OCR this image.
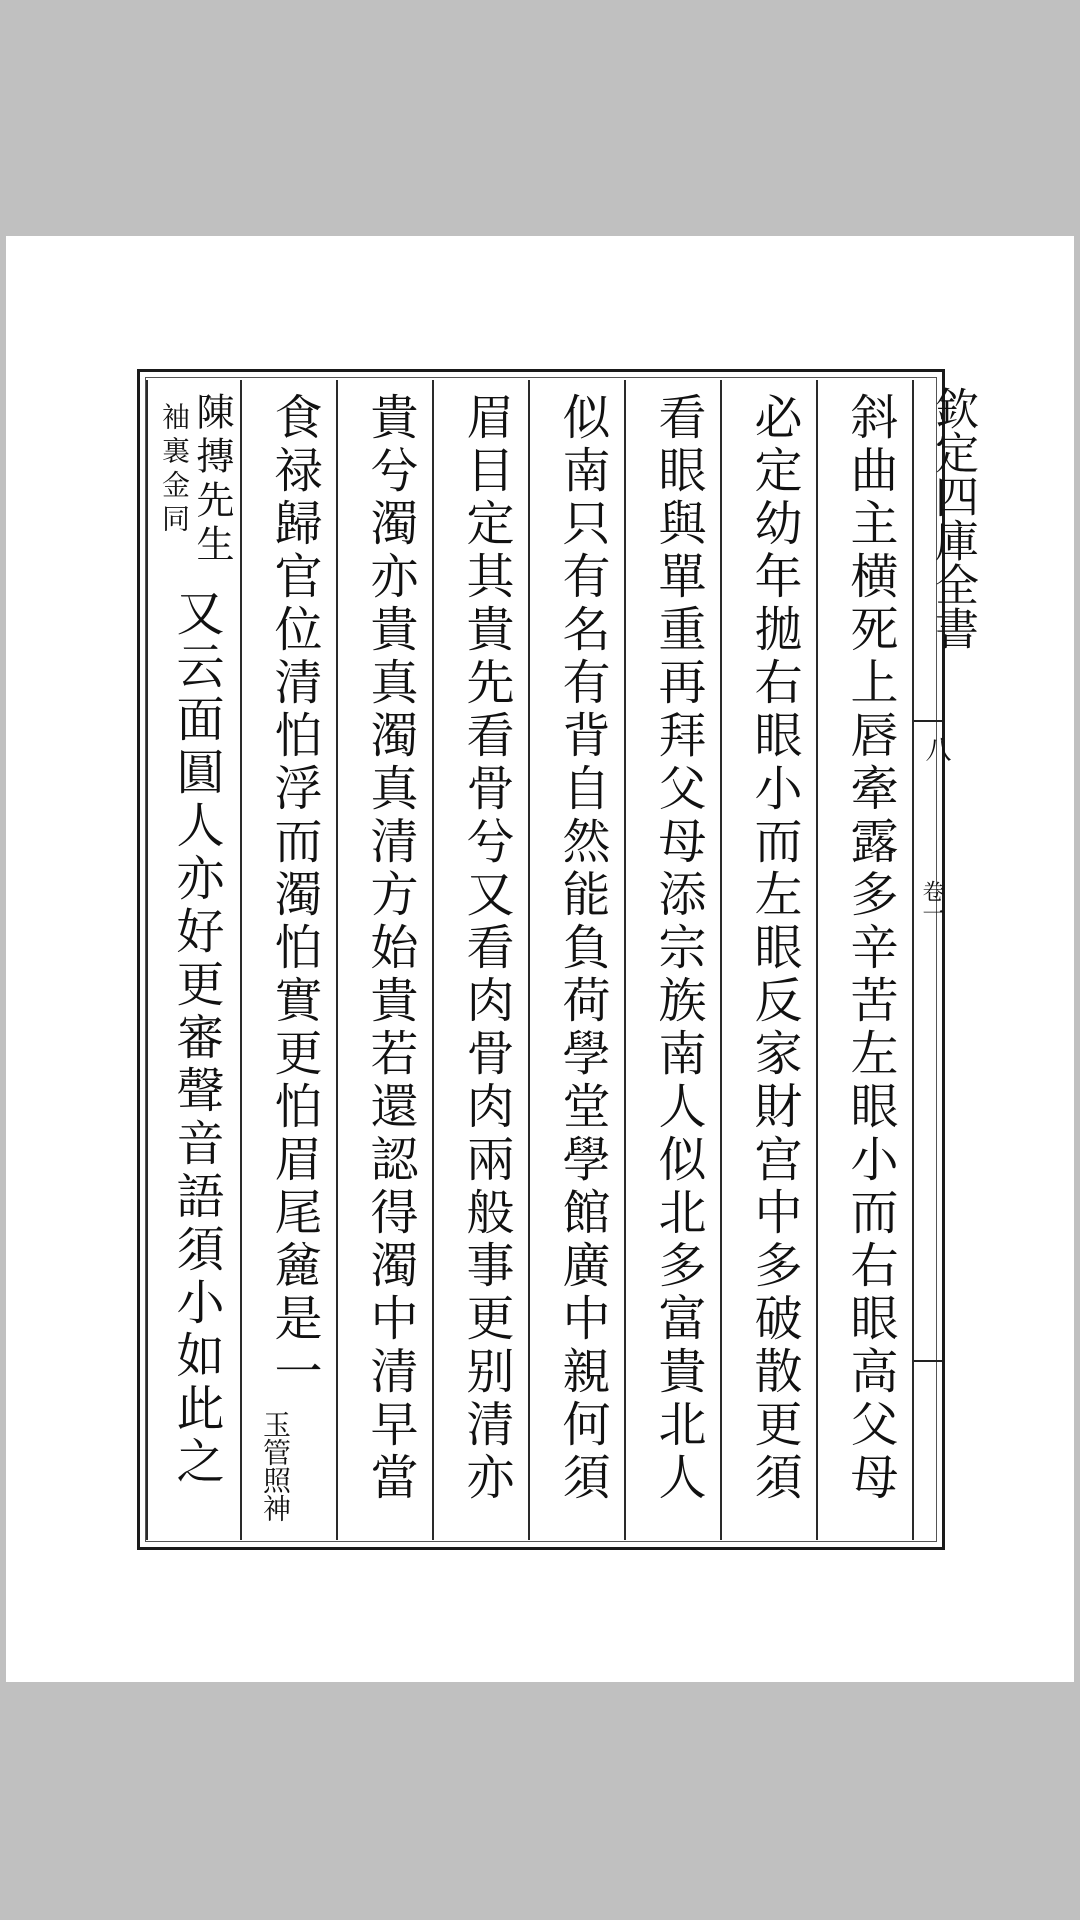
欽定四庫全書
八
卷一
斜曲主横死上唇牽露多辛苦左眼小而右眼高父母
必定幼年拋右眼小而左眼反家財宫中多破散更須
看眼與單重再拜父母添宗族南人似北多富貴北人
似南只有名有背自然能負荷學堂學館廣中親何須
眉目定其貴先看骨兮又看肉骨肉兩般事更别清亦
貴兮濁亦貴真濁真清方始貴若還認得濁中清早當
食禄歸官位清怕浮而濁怕實更怕眉尾麄是一
玉管照神
陳摶先生
袖裏金同
又云面圓人亦好更審聲音語須小如此之
